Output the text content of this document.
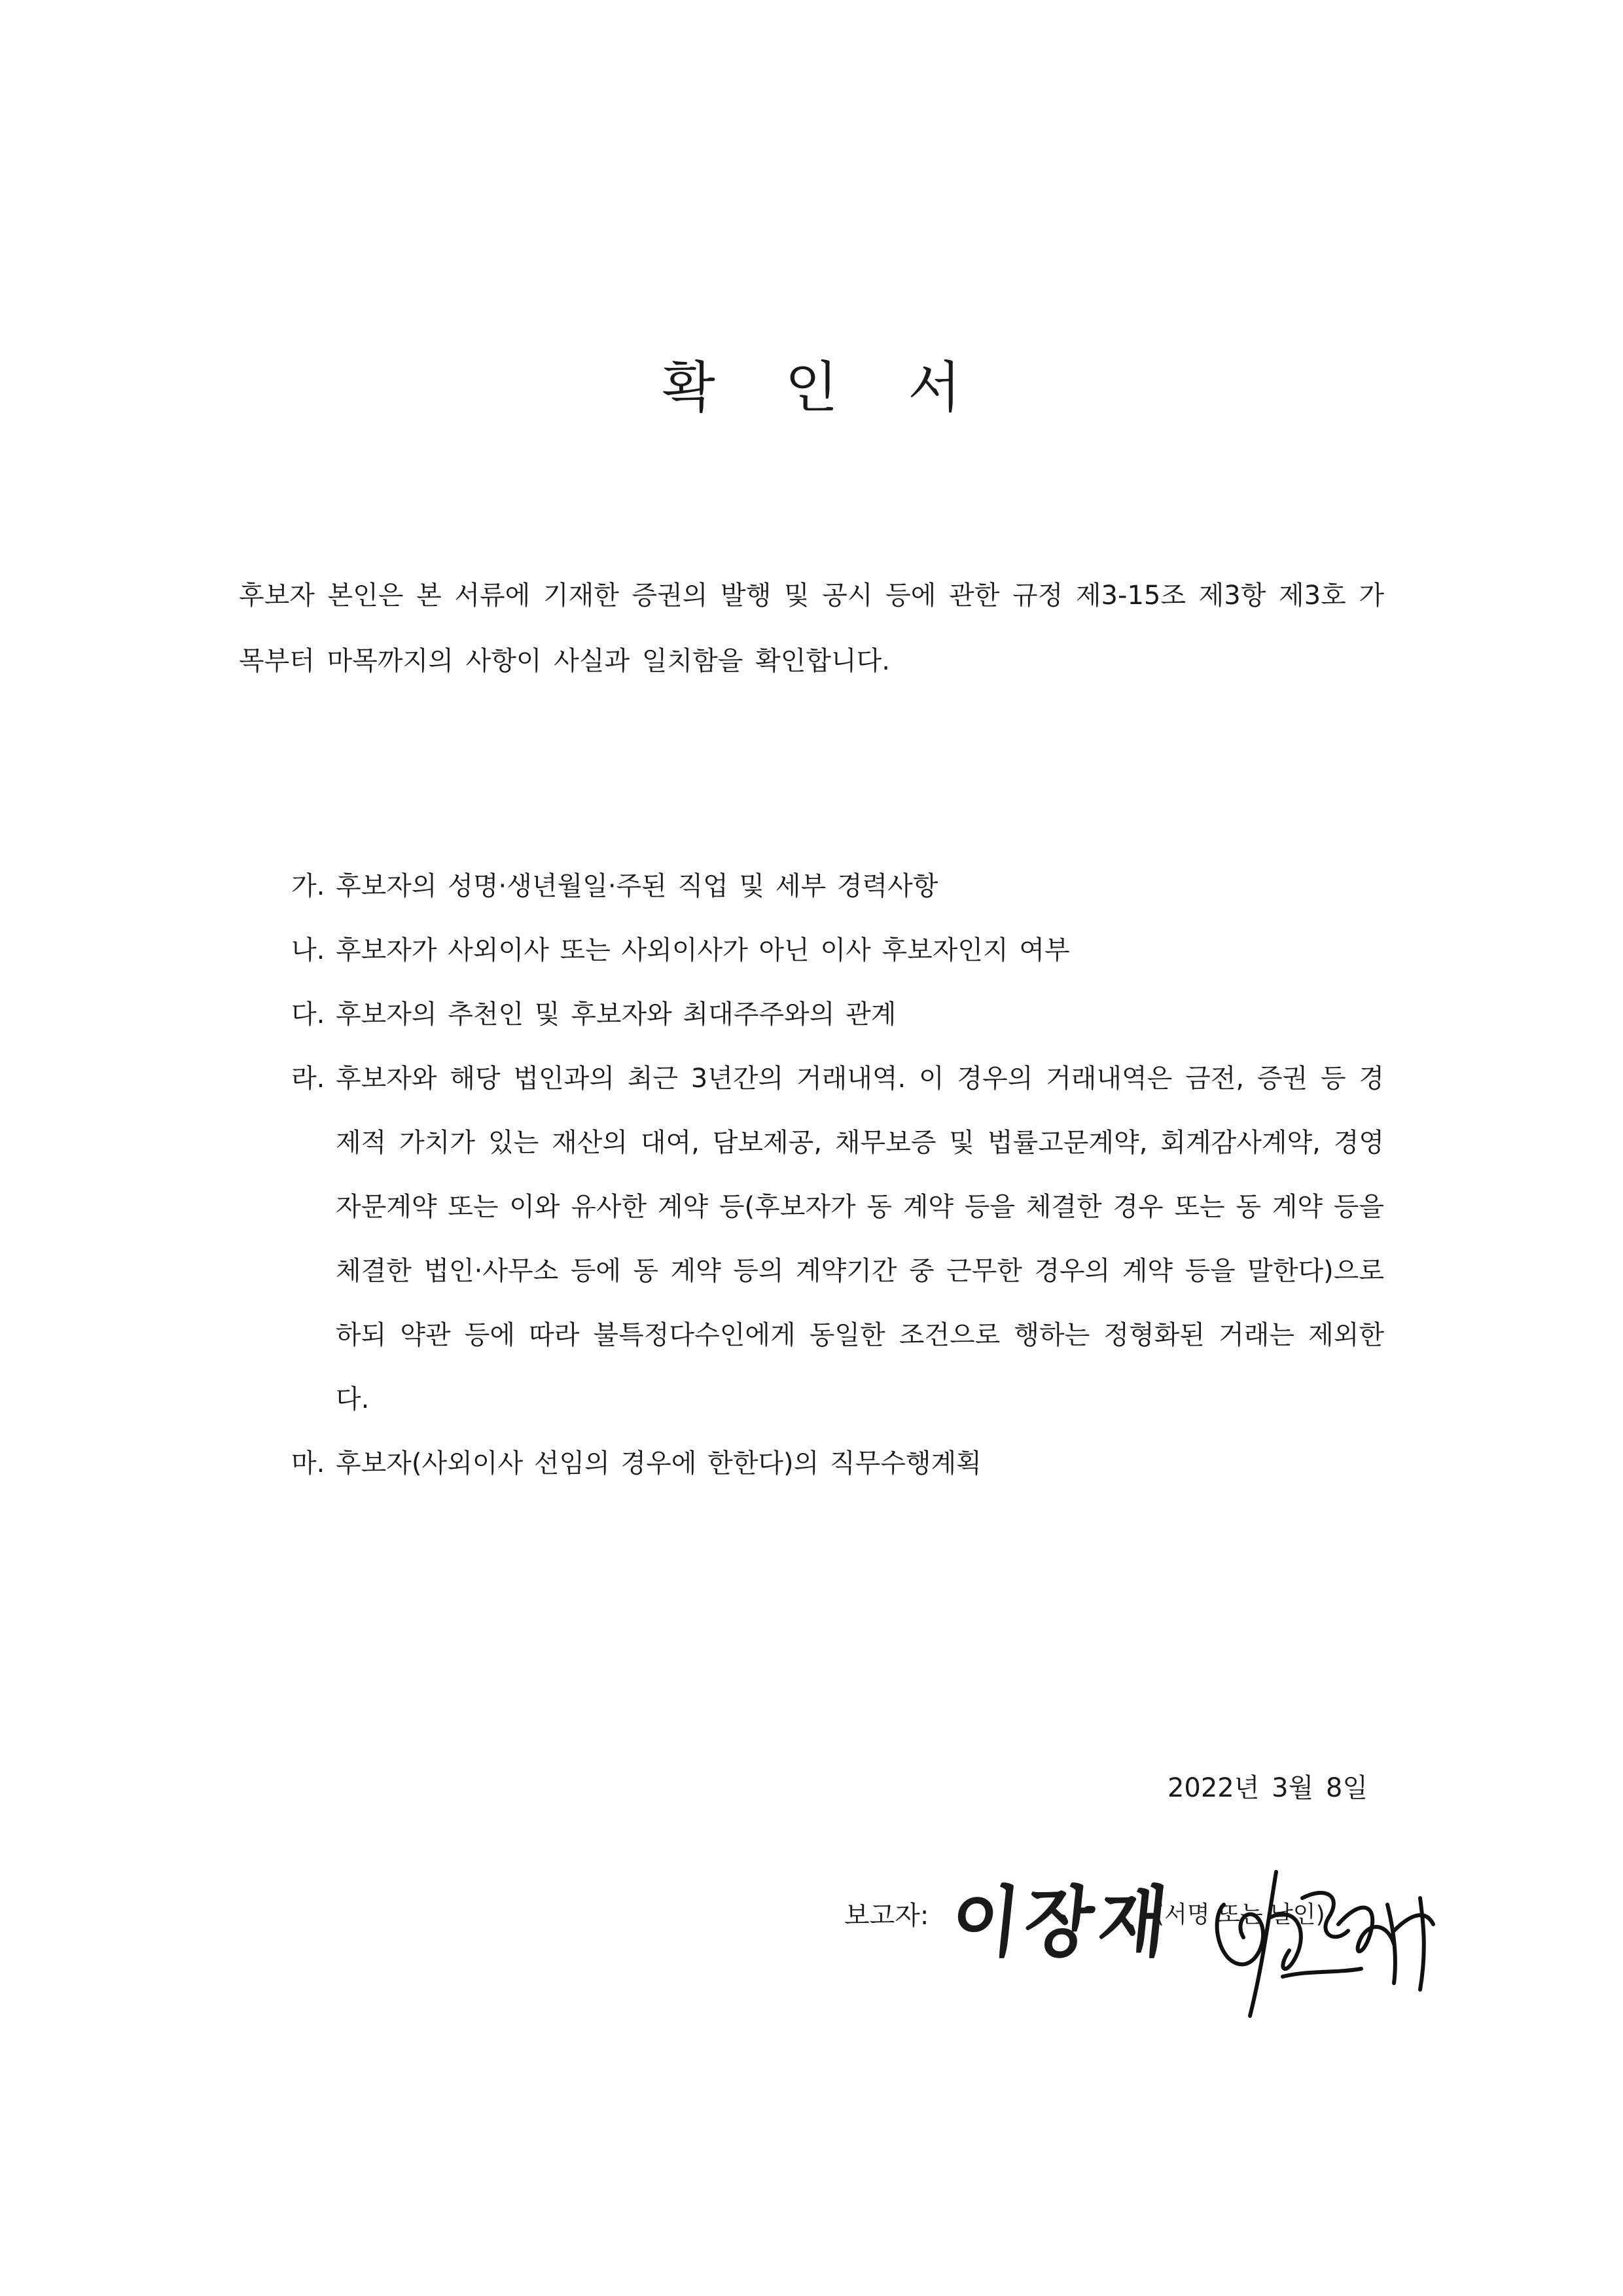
확 인 서

후보자 본인은 본 서류에 기재한 증권의 발행 및 공시 등에 관한 규정 제3-15조 제3항 제3호 가목부터 마목까지의 사항이 사실과 일치함을 확인합니다.

가. 후보자의 성명·생년월일·주된 직업 및 세부 경력사항
나. 후보자가 사외이사 또는 사외이사가 아닌 이사 후보자인지 여부
다. 후보자의 추천인 및 후보자와 최대주주와의 관계
라. 후보자와 해당 법인과의 최근 3년간의 거래내역. 이 경우의 거래내역은 금전, 증권 등 경제적 가치가 있는 재산의 대여, 담보제공, 채무보증 및 법률고문계약, 회계감사계약, 경영자문계약 또는 이와 유사한 계약 등(후보자가 동 계약 등을 체결한 경우 또는 동 계약 등을 체결한 법인·사무소 등에 동 계약 등의 계약기간 중 근무한 경우의 계약 등을 말한다)으로 하되 약관 등에 따라 불특정다수인에게 동일한 조건으로 행하는 정형화된 거래는 제외한다.
마. 후보자(사외이사 선임의 경우에 한한다)의 직무수행계획

2022년 3월 8일

보고자: 이장재
(서명 또는 날인)
